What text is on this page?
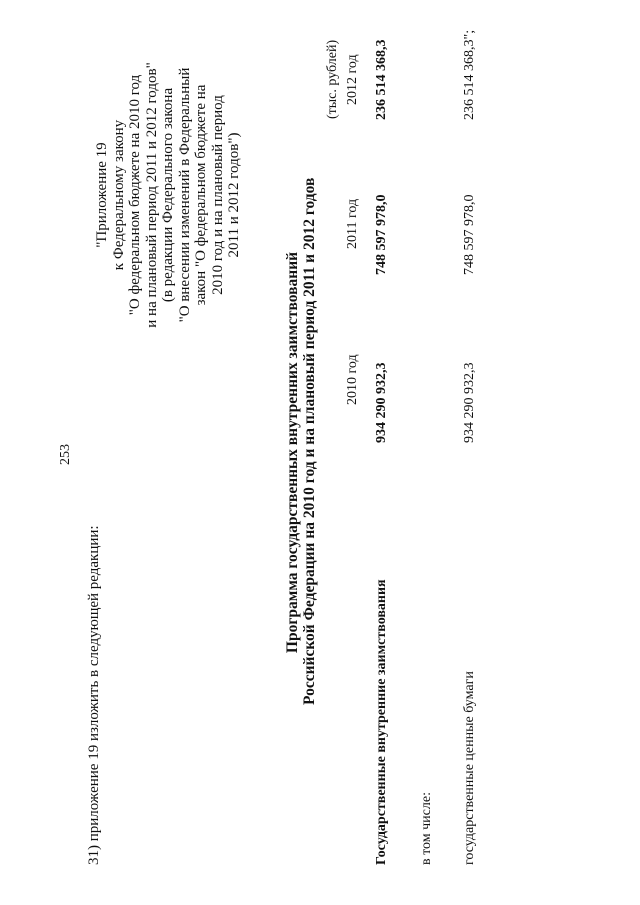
253
31) приложение 19 изложить в следующей редакции:
"Приложение 19 к Федеральному закону "О федеральном бюджете на 2010 год и на плановый период 2011 и 2012 годов" (в редакции Федерального закона "О внесении изменений в Федеральный закон "О федеральном бюджете на 2010 год и на плановый период 2011 и 2012 годов")
Программа государственных внутренних заимствований Российской Федерации на 2010 год и на плановый период 2011 и 2012 годов
(тыс. рублей)
2010 год
2011 год
2012 год
Государственные внутренние заимствования
934 290 932,3
748 597 978,0
236 514 368,3
в том числе: государственные ценные бумаги
934 290 932,3
748 597 978,0
236 514 368,3";
